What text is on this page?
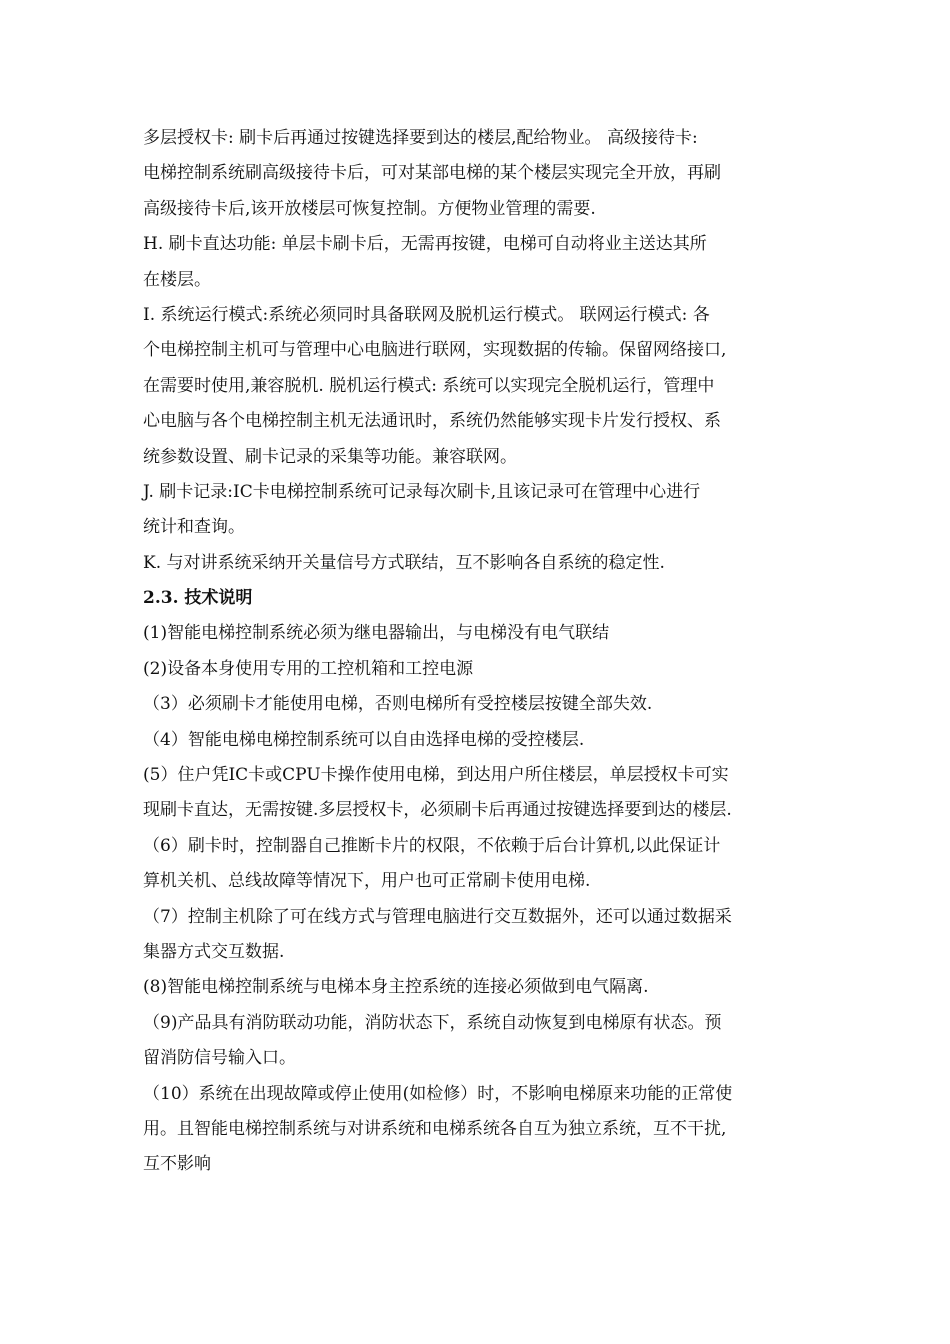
多层授权卡: 刷卡后再通过按键选择要到达的楼层,配给物业。 高级接待卡:
电梯控制系统刷高级接待卡后，可对某部电梯的某个楼层实现完全开放，再刷
高级接待卡后,该开放楼层可恢复控制。方便物业管理的需要.
H. 刷卡直达功能: 单层卡刷卡后，无需再按键，电梯可自动将业主送达其所
在楼层。
I. 系统运行模式:系统必须同时具备联网及脱机运行模式。 联网运行模式: 各
个电梯控制主机可与管理中心电脑进行联网，实现数据的传输。保留网络接口,
在需要时使用,兼容脱机. 脱机运行模式: 系统可以实现完全脱机运行，管理中
心电脑与各个电梯控制主机无法通讯时，系统仍然能够实现卡片发行授权、系
统参数设置、刷卡记录的采集等功能。兼容联网。
J. 刷卡记录:IC卡电梯控制系统可记录每次刷卡,且该记录可在管理中心进行
统计和查询。
K. 与对讲系统采纳开关量信号方式联结，互不影响各自系统的稳定性.
2.3. 技术说明
(1)智能电梯控制系统必须为继电器输出，与电梯没有电气联结
(2)设备本身使用专用的工控机箱和工控电源
（3）必须刷卡才能使用电梯，否则电梯所有受控楼层按键全部失效.
（4）智能电梯电梯控制系统可以自由选择电梯的受控楼层.
(5）住户凭IC卡或CPU卡操作使用电梯，到达用户所住楼层，单层授权卡可实
现刷卡直达，无需按键.多层授权卡，必须刷卡后再通过按键选择要到达的楼层.
（6）刷卡时，控制器自己推断卡片的权限，不依赖于后台计算机,以此保证计
算机关机、总线故障等情况下，用户也可正常刷卡使用电梯.
（7）控制主机除了可在线方式与管理电脑进行交互数据外，还可以通过数据采
集器方式交互数据.
(8)智能电梯控制系统与电梯本身主控系统的连接必须做到电气隔离.
（9)产品具有消防联动功能，消防状态下，系统自动恢复到电梯原有状态。预
留消防信号输入口。
（10）系统在出现故障或停止使用(如检修）时，不影响电梯原来功能的正常使
用。且智能电梯控制系统与对讲系统和电梯系统各自互为独立系统，互不干扰,
互不影响
